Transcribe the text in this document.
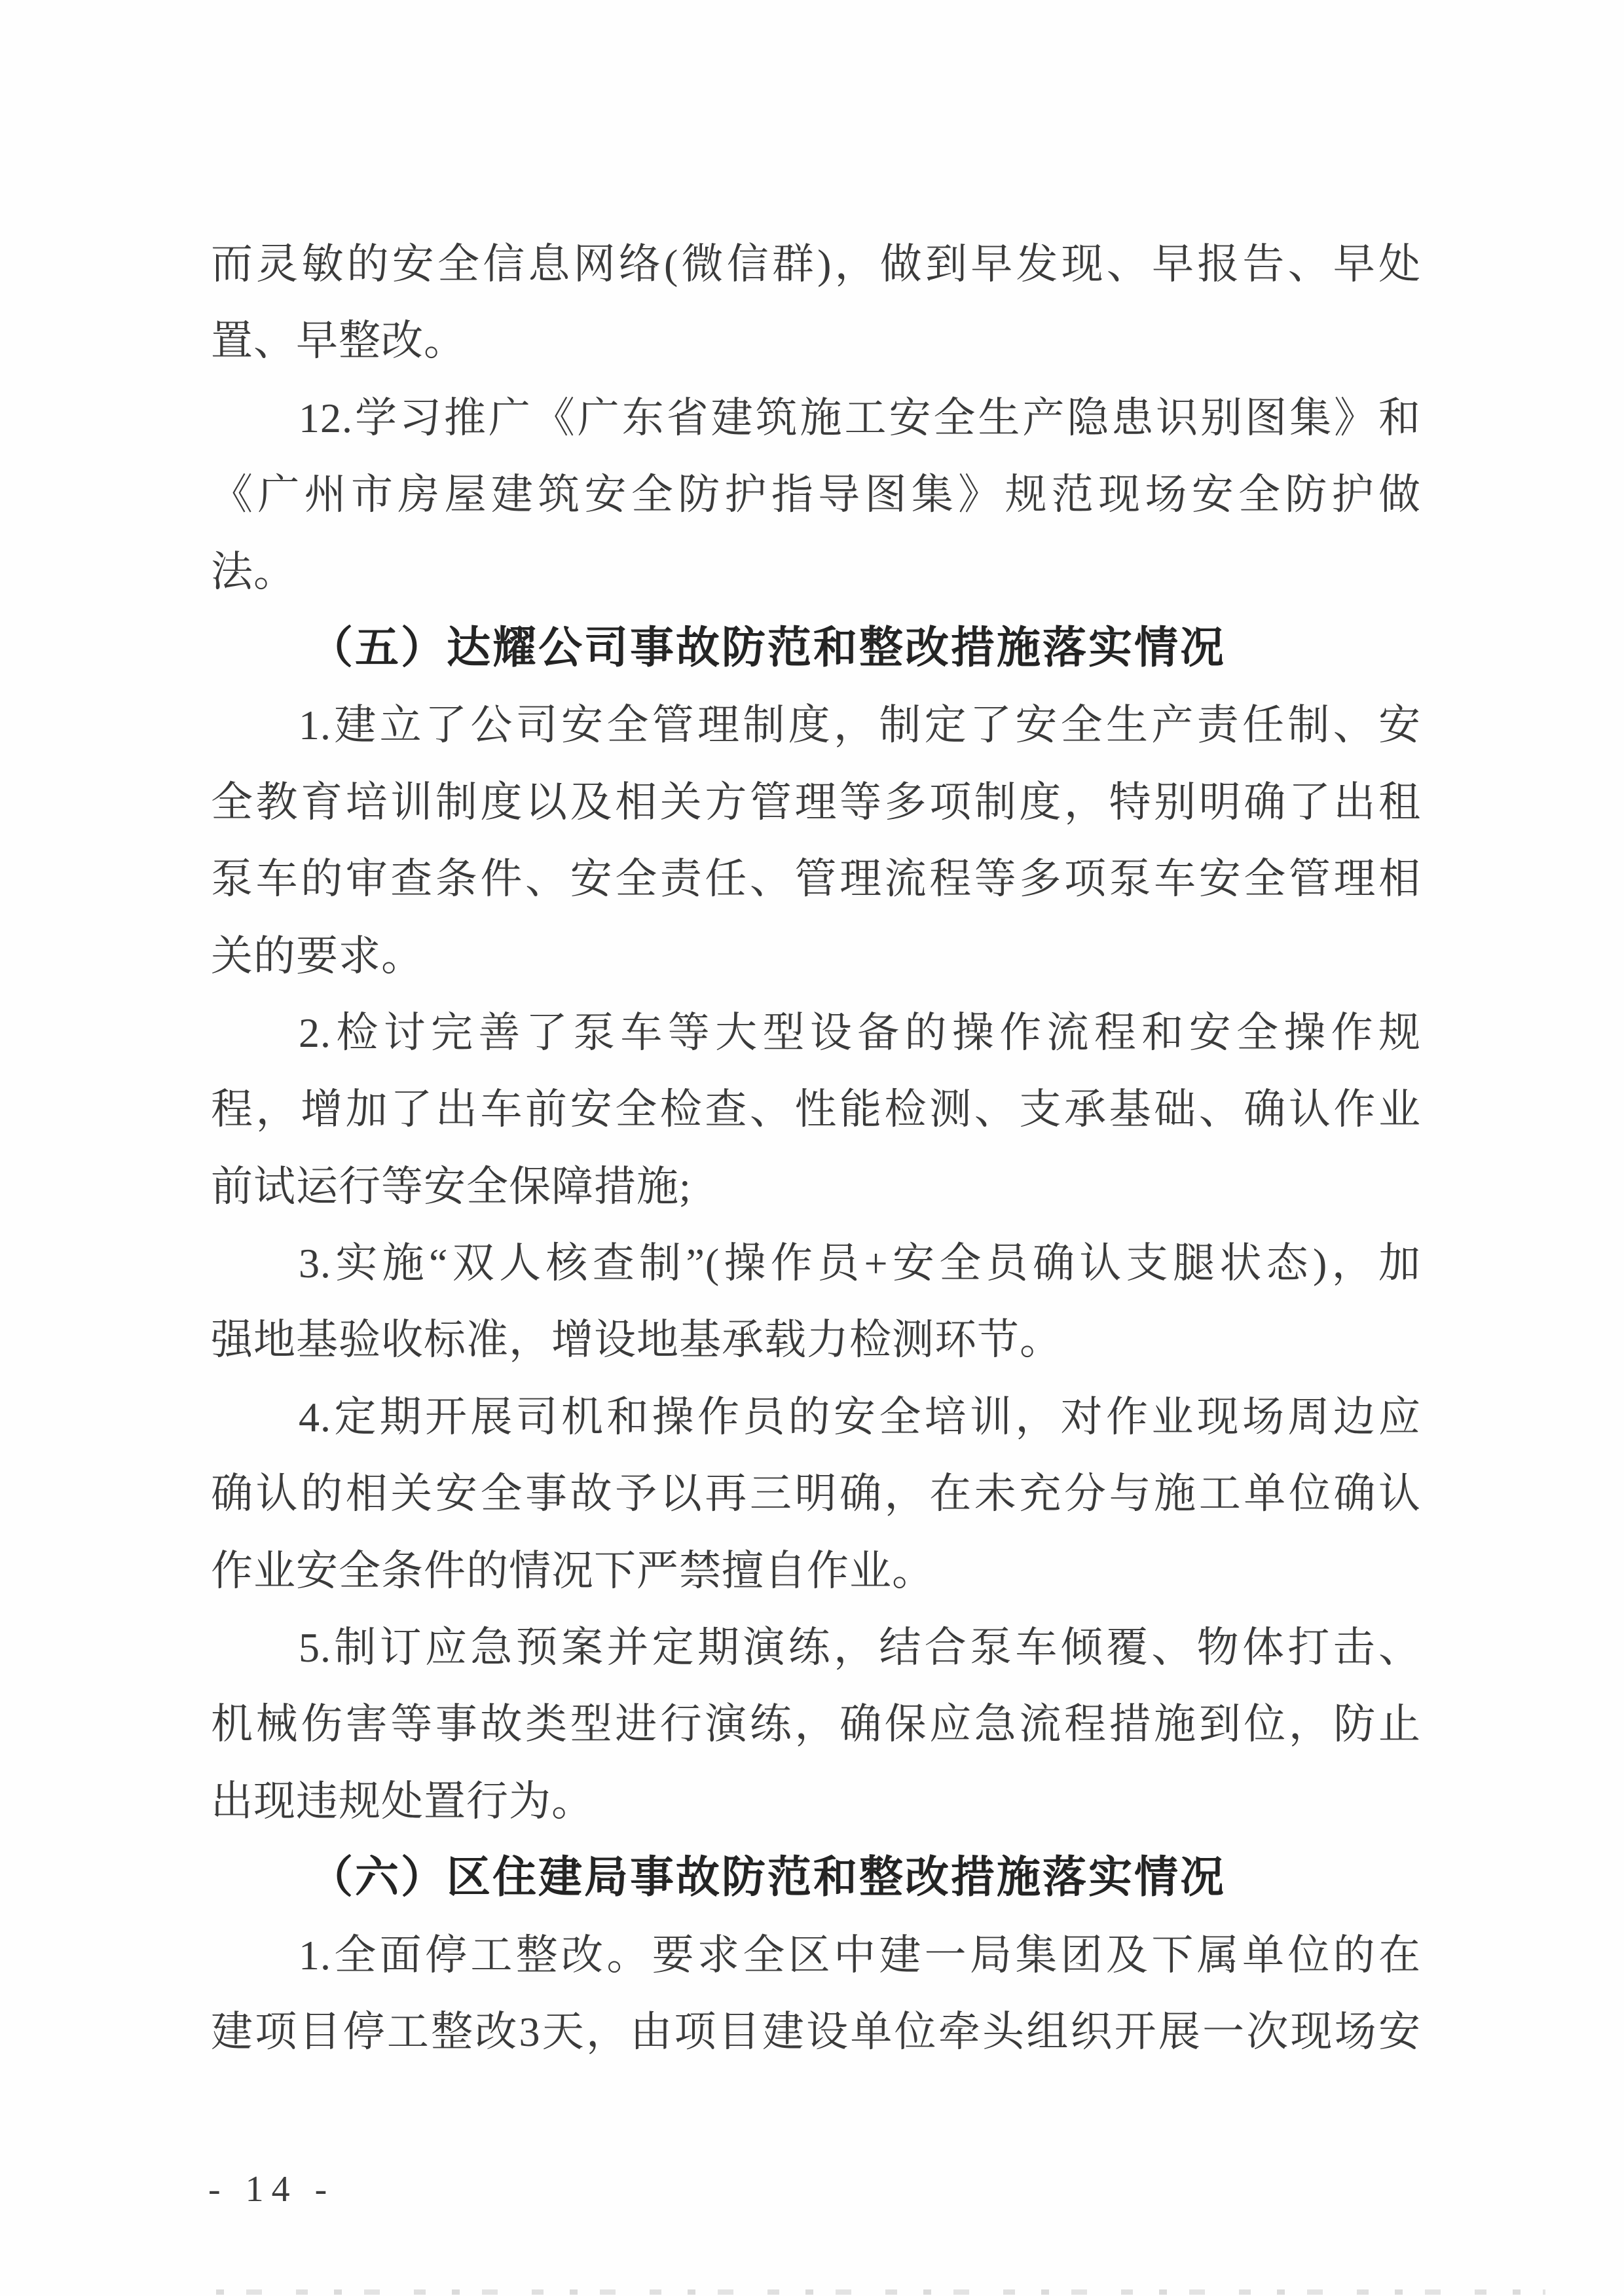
而灵敏的安全信息网络(微信群)，做到早发现、早报告、早处
置、早整改。
12.学习推广《广东省建筑施工安全生产隐患识别图集》和
《广州市房屋建筑安全防护指导图集》规范现场安全防护做
法。
（五）达耀公司事故防范和整改措施落实情况
1.建立了公司安全管理制度，制定了安全生产责任制、安
全教育培训制度以及相关方管理等多项制度，特别明确了出租
泵车的审查条件、安全责任、管理流程等多项泵车安全管理相
关的要求。
2.检讨完善了泵车等大型设备的操作流程和安全操作规
程，增加了出车前安全检查、性能检测、支承基础、确认作业
前试运行等安全保障措施;
3.实施“双人核查制”(操作员+安全员确认支腿状态)，加
强地基验收标准，增设地基承载力检测环节。
4.定期开展司机和操作员的安全培训，对作业现场周边应
确认的相关安全事故予以再三明确，在未充分与施工单位确认
作业安全条件的情况下严禁擅自作业。
5.制订应急预案并定期演练，结合泵车倾覆、物体打击、
机械伤害等事故类型进行演练，确保应急流程措施到位，防止
出现违规处置行为。
（六）区住建局事故防范和整改措施落实情况
1.全面停工整改。要求全区中建一局集团及下属单位的在
建项目停工整改3天，由项目建设单位牵头组织开展一次现场安
- 14 -
